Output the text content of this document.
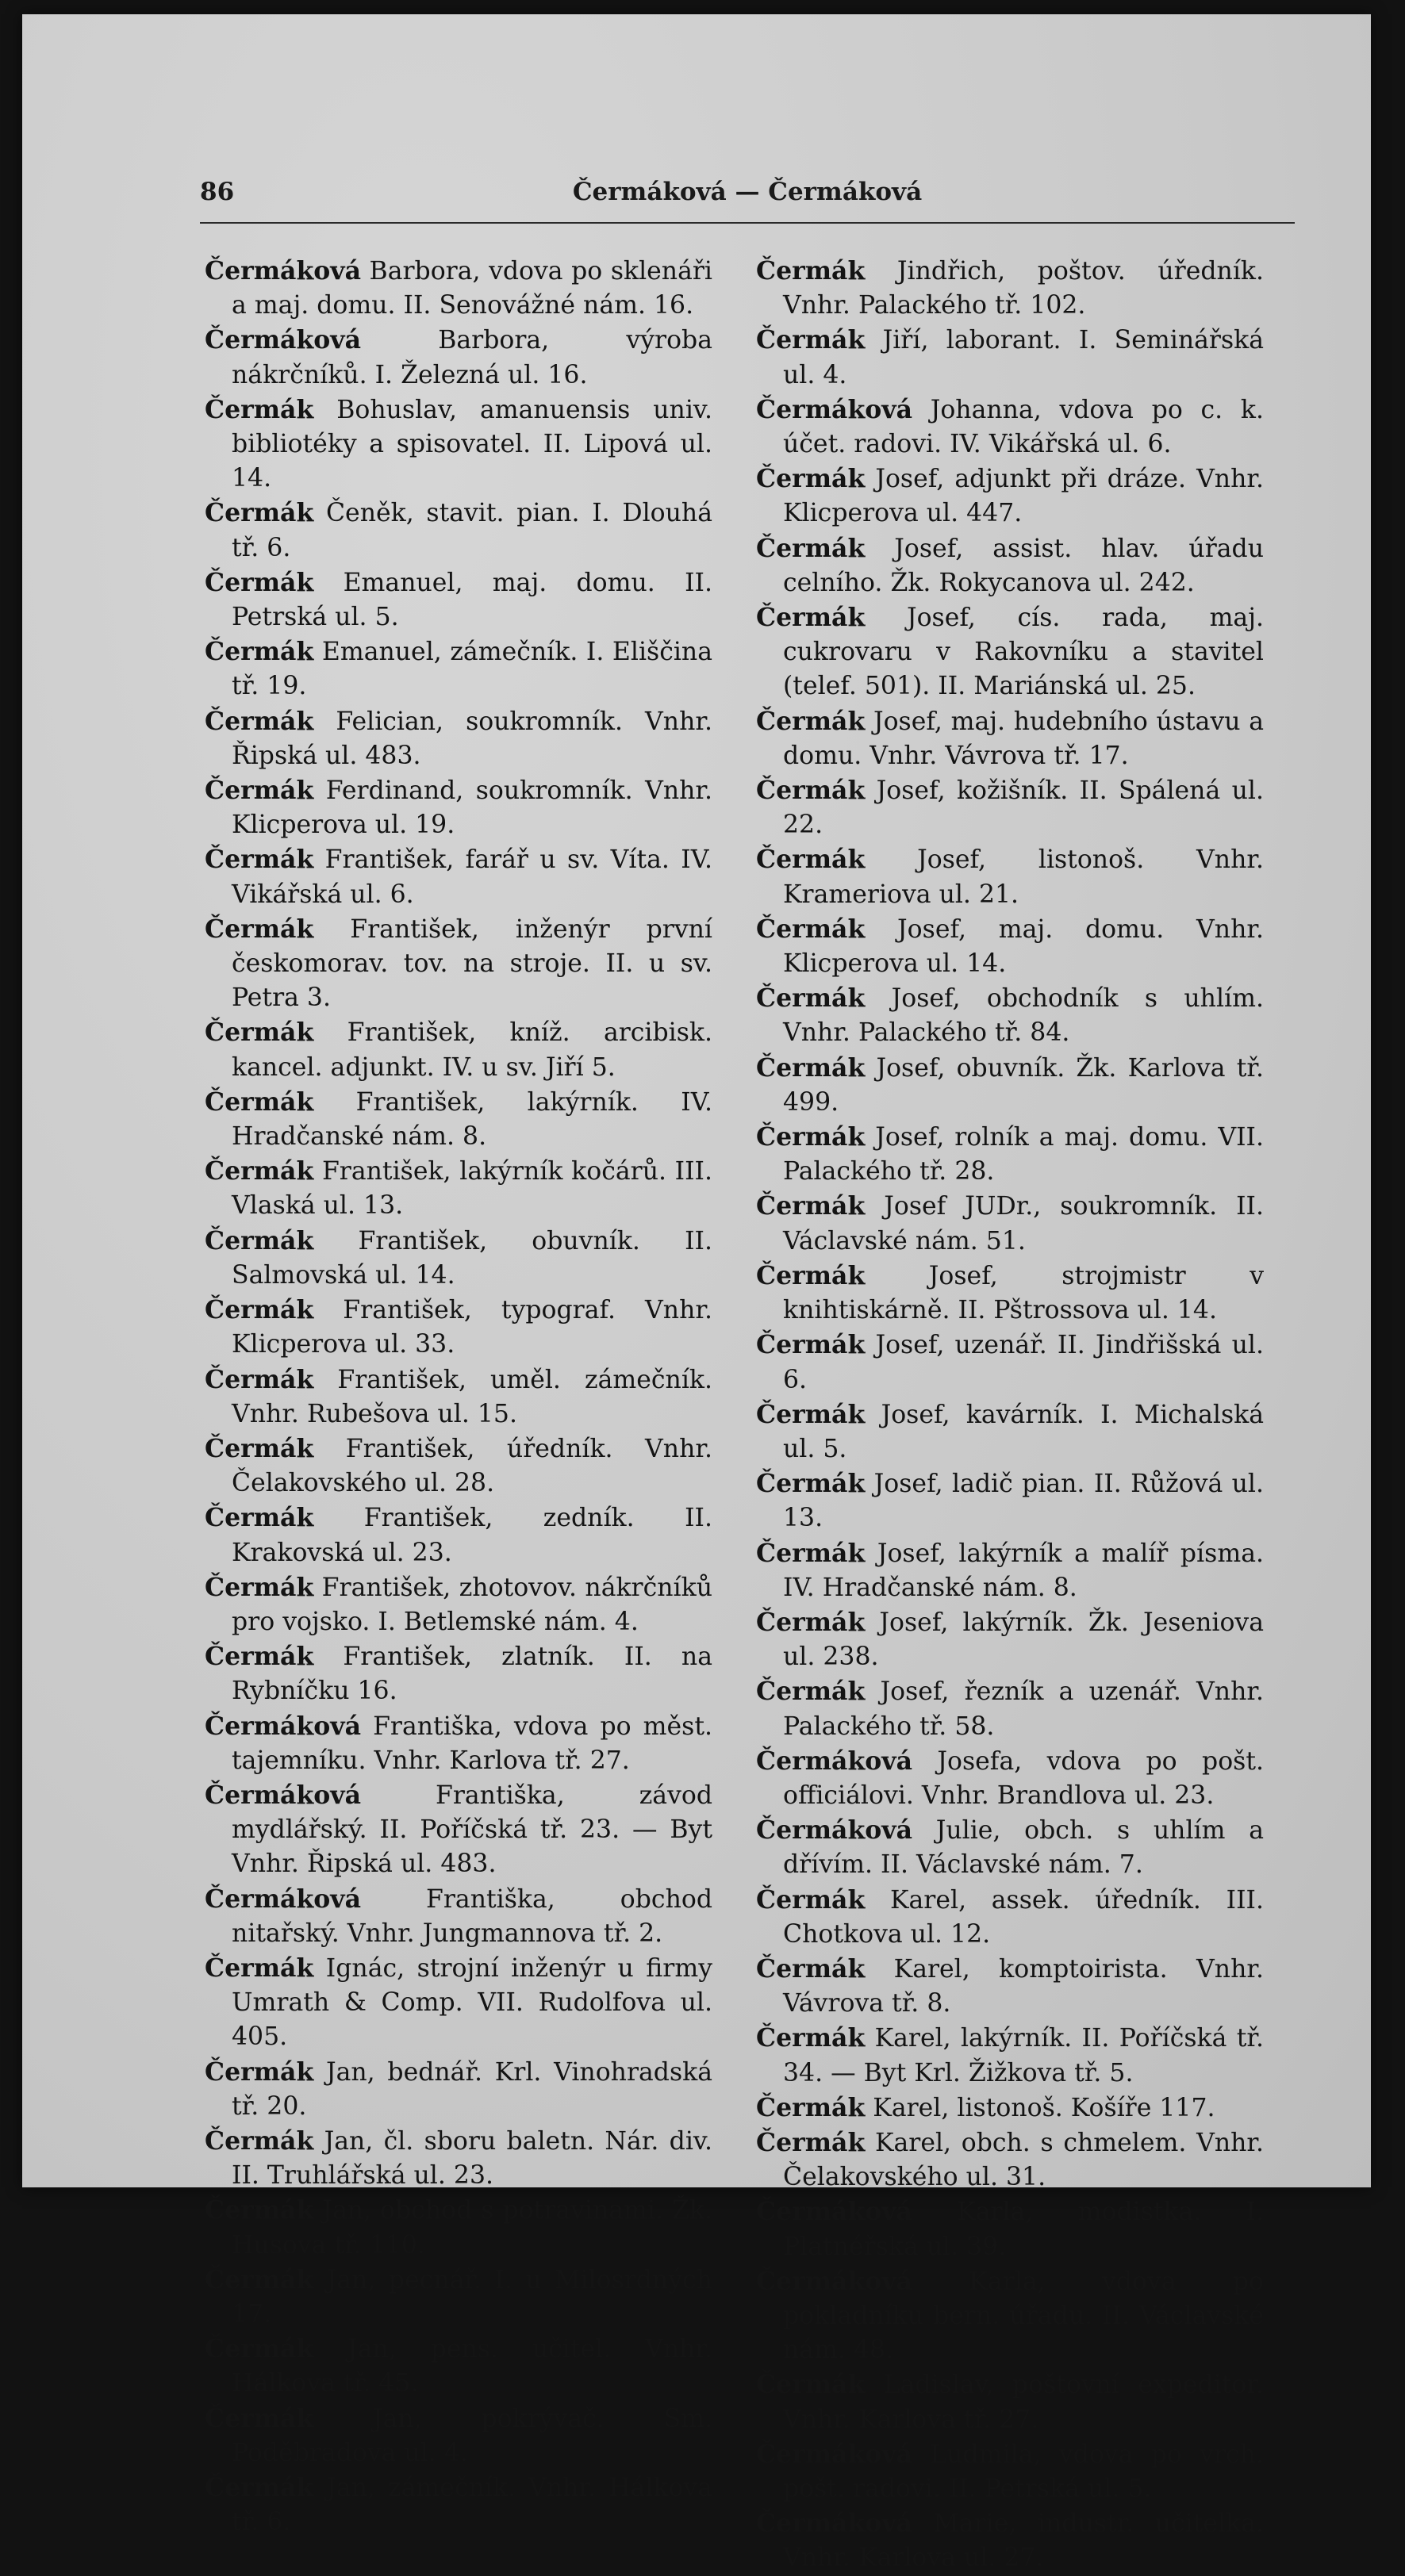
86	Čermáková — Čermáková

Čermáková Barbora, vdova po sklenáři a maj. domu. II. Senovážné nám. 16.

Čermáková Barbora, výroba nákrčníků. I. Železná ul. 16.

Čermák Bohuslav, amanuensis univ. bibliotéky a spisovatel. II. Lipová ul. 14.

Čermák Čeněk, stavit. pian. I. Dlouhá tř. 6.

Čermák Emanuel, maj. domu. II. Petrská ul. 5.

Čermák Emanuel, zámečník. I. Eliščina tř. 19.

Čermák Felician, soukromník. Vnhr. Řipská ul. 483.

Čermák Ferdinand, soukromník. Vnhr. Klicperova ul. 19.

Čermák František, farář u sv. Víta. IV. Vikářská ul. 6.

Čermák František, inženýr první českomorav. tov. na stroje. II. u sv. Petra 3.

Čermák František, kníž. arcibisk. kancel. adjunkt. IV. u sv. Jiří 5.

Čermák František, lakýrník. IV. Hradčanské nám. 8.

Čermák František, lakýrník kočárů. III. Vlaská ul. 13.

Čermák František, obuvník. II. Salmovská ul. 14.

Čermák František, typograf. Vnhr. Klicperova ul. 33.

Čermák František, uměl. zámečník. Vnhr. Rubešova ul. 15.

Čermák František, úředník. Vnhr. Čelakovského ul. 28.

Čermák František, zedník. II. Krakovská ul. 23.

Čermák František, zhotovov. nákrčníků pro vojsko. I. Betlemské nám. 4.

Čermák František, zlatník. II. na Rybníčku 16.

Čermáková Františka, vdova po měst. tajemníku. Vnhr. Karlova tř. 27.

Čermáková Františka, závod mydlářský. II. Poříčská tř. 23. — Byt Vnhr. Řipská ul. 483.

Čermáková Františka, obchod nitařský. Vnhr. Jungmannova tř. 2.

Čermák Ignác, strojní inženýr u firmy Umrath & Comp. VII. Rudolfova ul. 405.

Čermák Jan, bednář. Krl. Vinohradská tř. 20.

Čermák Jan, čl. sboru baletn. Nár. div. II. Truhlářská ul. 23.

Čermák Jan, obchod s potravinami. Žk. Husova tř. 110.

Čermák Jan, pecnář. I. u Milosrdných 17.

Čermák Jan, pens. učitel. Vnhr. Hálkova tř. 45.

Čermák Jan, pokrývač. Sm. Poděbradova ul. 4.

Čermák Jan, zámečník. Vnhr. Hálkova tř. 6.

Čermák Jindřich, poštov. úředník. Vnhr. Palackého tř. 102.

Čermák Jiří, laborant. I. Seminářská ul. 4.

Čermáková Johanna, vdova po c. k. účet. radovi. IV. Vikářská ul. 6.

Čermák Josef, adjunkt při dráze. Vnhr. Klicperova ul. 447.

Čermák Josef, assist. hlav. úřadu celního. Žk. Rokycanova ul. 242.

Čermák Josef, cís. rada, maj. cukrovaru v Rakovníku a stavitel (telef. 501). II. Mariánská ul. 25.

Čermák Josef, maj. hudebního ústavu a domu. Vnhr. Vávrova tř. 17.

Čermák Josef, kožišník. II. Spálená ul. 22.

Čermák Josef, listonoš. Vnhr. Krameriova ul. 21.

Čermák Josef, maj. domu. Vnhr. Klicperova ul. 14.

Čermák Josef, obchodník s uhlím. Vnhr. Palackého tř. 84.

Čermák Josef, obuvník. Žk. Karlova tř. 499.

Čermák Josef, rolník a maj. domu. VII. Palackého tř. 28.

Čermák Josef JUDr., soukromník. II. Václavské nám. 51.

Čermák Josef, strojmistr v knihtiskárně. II. Pštrossova ul. 14.

Čermák Josef, uzenář. II. Jindřišská ul. 6.

Čermák Josef, kavárník. I. Michalská ul. 5.

Čermák Josef, ladič pian. II. Růžová ul. 13.

Čermák Josef, lakýrník a malíř písma. IV. Hradčanské nám. 8.

Čermák Josef, lakýrník. Žk. Jeseniova ul. 238.

Čermák Josef, řezník a uzenář. Vnhr. Palackého tř. 58.

Čermáková Josefa, vdova po pošt. officiálovi. Vnhr. Brandlova ul. 23.

Čermáková Julie, obch. s uhlím a dřívím. II. Václavské nám. 7.

Čermák Karel, assek. úředník. III. Chotkova ul. 12.

Čermák Karel, komptoirista. Vnhr. Vávrova tř. 8.

Čermák Karel, lakýrník. II. Poříčská tř. 34. — Byt Krl. Žižkova tř. 5.

Čermák Karel, listonoš. Košíře 117.

Čermák Karel, obch. s chmelem. Vnhr. Čelakovského ul. 31.

Čermáková Karla, modistka. I. Platnéřská ul. 39.

Čermáková Karla, vdova po pokladníku bern. úřadu. II. Václavské nám. 48.

Čermák Ladislav, poštovní expeditor. Vnhr. Karlova tř. 27.

Čermáková Ludmila, vdova po vrch. pošt. radovi. II. Petrská ul. 5.

Čermáková Marie, industr. učitelka. Vnhr. Karlova ul. 27.
